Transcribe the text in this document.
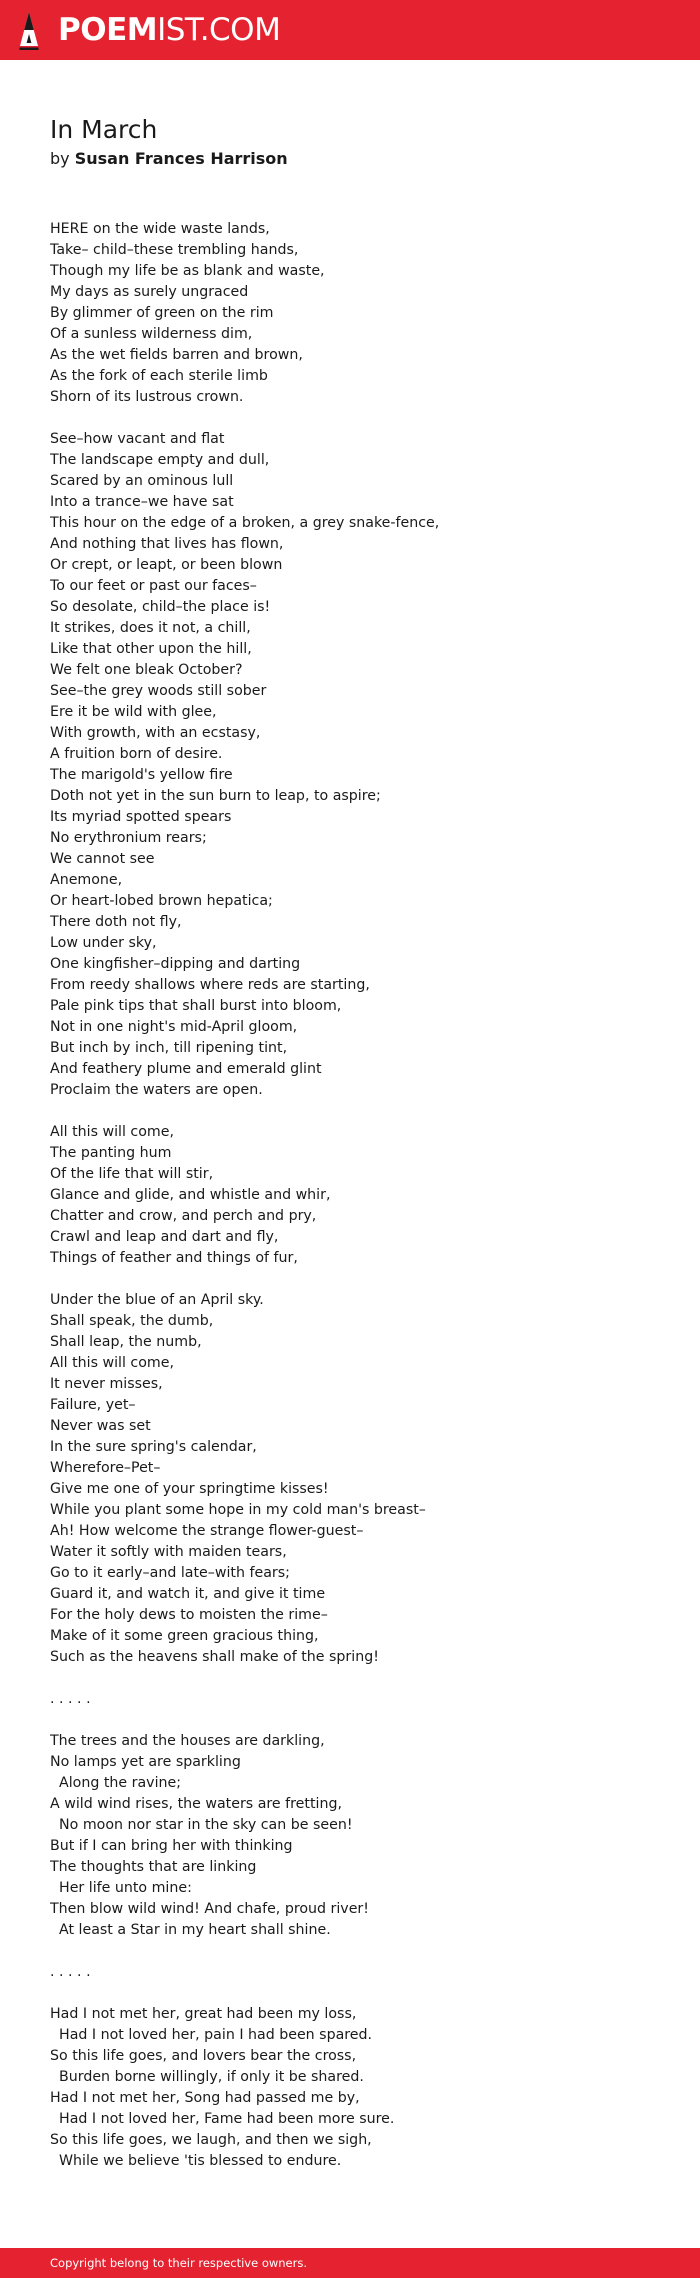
POEMIST.COM
In March
by Susan Frances Harrison
HERE on the wide waste lands,
Take– child–these trembling hands,
Though my life be as blank and waste,
My days as surely ungraced
By glimmer of green on the rim
Of a sunless wilderness dim,
As the wet fields barren and brown,
As the fork of each sterile limb
Shorn of its lustrous crown.
See–how vacant and flat
The landscape empty and dull,
Scared by an ominous lull
Into a trance–we have sat
This hour on the edge of a broken, a grey snake-fence,
And nothing that lives has flown,
Or crept, or leapt, or been blown
To our feet or past our faces–
So desolate, child–the place is!
It strikes, does it not, a chill,
Like that other upon the hill,
We felt one bleak October?
See–the grey woods still sober
Ere it be wild with glee,
With growth, with an ecstasy,
A fruition born of desire.
The marigold's yellow fire
Doth not yet in the sun burn to leap, to aspire;
Its myriad spotted spears
No erythronium rears;
We cannot see
Anemone,
Or heart-lobed brown hepatica;
There doth not fly,
Low under sky,
One kingfisher–dipping and darting
From reedy shallows where reds are starting,
Pale pink tips that shall burst into bloom,
Not in one night's mid-April gloom,
But inch by inch, till ripening tint,
And feathery plume and emerald glint
Proclaim the waters are open.
All this will come,
The panting hum
Of the life that will stir,
Glance and glide, and whistle and whir,
Chatter and crow, and perch and pry,
Crawl and leap and dart and fly,
Things of feather and things of fur,
Under the blue of an April sky.
Shall speak, the dumb,
Shall leap, the numb,
All this will come,
It never misses,
Failure, yet–
Never was set
In the sure spring's calendar,
Wherefore–Pet–
Give me one of your springtime kisses!
While you plant some hope in my cold man's breast–
Ah! How welcome the strange flower-guest–
Water it softly with maiden tears,
Go to it early–and late–with fears;
Guard it, and watch it, and give it time
For the holy dews to moisten the rime–
Make of it some green gracious thing,
Such as the heavens shall make of the spring!
. . . . .
The trees and the houses are darkling,
No lamps yet are sparkling
Along the ravine;
A wild wind rises, the waters are fretting,
No moon nor star in the sky can be seen!
But if I can bring her with thinking
The thoughts that are linking
Her life unto mine:
Then blow wild wind! And chafe, proud river!
At least a Star in my heart shall shine.
. . . . .
Had I not met her, great had been my loss,
Had I not loved her, pain I had been spared.
So this life goes, and lovers bear the cross,
Burden borne willingly, if only it be shared.
Had I not met her, Song had passed me by,
Had I not loved her, Fame had been more sure.
So this life goes, we laugh, and then we sigh,
While we believe 'tis blessed to endure.
Copyright belong to their respective owners.
